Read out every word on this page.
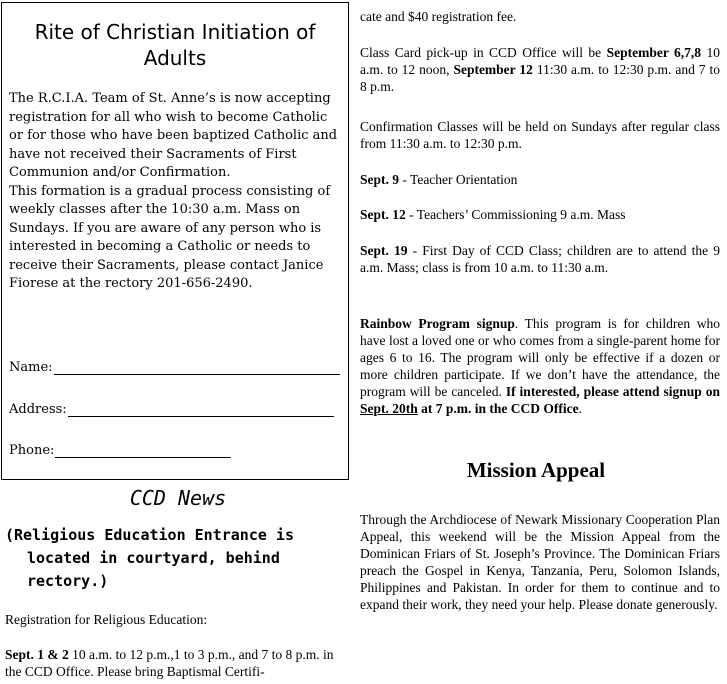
Rite of Christian Initiation of Adults
The R.C.I.A. Team of St. Anne’s is now accepting registration for all who wish to become Catholic or for those who have been baptized Catholic and have not received their Sacraments of First Communion and/or Confirmation.
This formation is a gradual process consisting of weekly classes after the 10:30 a.m. Mass on Sundays. If you are aware of any person who is interested in becoming a Catholic or needs to receive their Sacraments, please contact Janice Fiorese at the rectory 201-656-2490.
Name:
Address:
Phone:
CCD News
(Religious Education Entrance is located in courtyard, behind rectory.)

Registration for Religious Education:

Sept. 1 & 2 10 a.m. to 12 p.m.,1 to 3 p.m., and 7 to 8 p.m. in the CCD Office. Please bring Baptismal Certifi-

cate and $40 registration fee.

Class Card pick-up in CCD Office will be September 6,7,8 10 a.m. to 12 noon, September 12 11:30 a.m. to 12:30 p.m. and 7 to 8 p.m.

Confirmation Classes will be held on Sundays after regular class from 11:30 a.m. to 12:30 p.m.

Sept. 9 - Teacher Orientation

Sept. 12 - Teachers’ Commissioning 9 a.m. Mass

Sept. 19 - First Day of CCD Class; children are to attend the 9 a.m. Mass; class is from 10 a.m. to 11:30 a.m.

Rainbow Program signup. This program is for children who have lost a loved one or who comes from a single-parent home for ages 6 to 16. The program will only be effective if a dozen or more children participate. If we don’t have the attendance, the program will be canceled. If interested, please attend signup on Sept. 20th at 7 p.m. in the CCD Office.

Mission Appeal

Through the Archdiocese of Newark Missionary Cooperation Plan Appeal, this weekend will be the Mission Appeal from the Dominican Friars of St. Joseph’s Province. The Dominican Friars preach the Gospel in Kenya, Tanzania, Peru, Solomon Islands, Philippines and Pakistan. In order for them to continue and to expand their work, they need your help. Please donate generously.
